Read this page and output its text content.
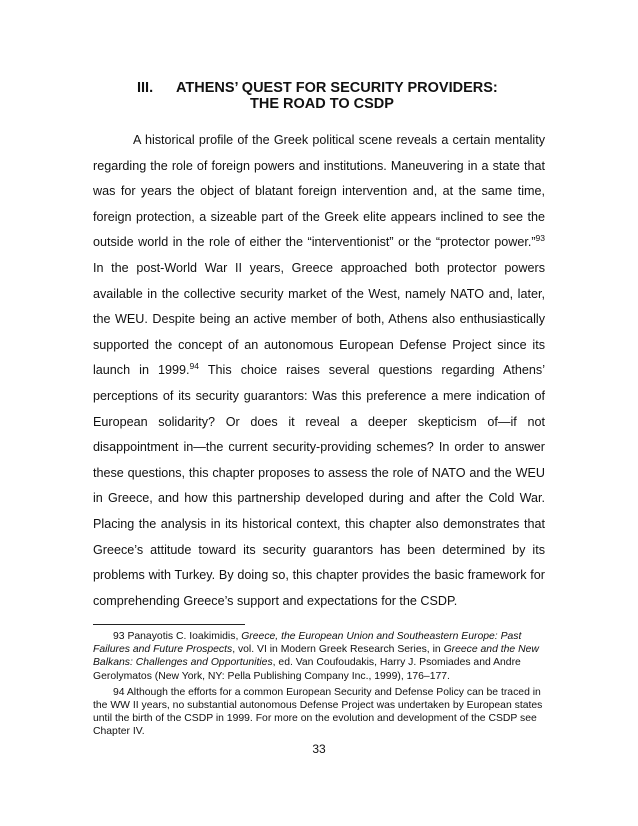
III. ATHENS’ QUEST FOR SECURITY PROVIDERS:
THE ROAD TO CSDP

A historical profile of the Greek political scene reveals a certain mentality regarding the role of foreign powers and institutions. Maneuvering in a state that was for years the object of blatant foreign intervention and, at the same time, foreign protection, a sizeable part of the Greek elite appears inclined to see the outside world in the role of either the “interventionist” or the “protector power.”$^{93}$ In the post-World War II years, Greece approached both protector powers available in the collective security market of the West, namely NATO and, later, the WEU. Despite being an active member of both, Athens also enthusiastically supported the concept of an autonomous European Defense Project since its launch in 1999.94 This choice raises several questions regarding Athens’ perceptions of its security guarantors: Was this preference a mere indication of European solidarity? Or does it reveal a deeper skepticism of—if not disappointment in—the current security-providing schemes? In order to answer these questions, this chapter proposes to assess the role of NATO and the WEU in Greece, and how this partnership developed during and after the Cold War. Placing the analysis in its historical context, this chapter also demonstrates that Greece’s attitude toward its security guarantors has been determined by its problems with Turkey. By doing so, this chapter provides the basic framework for comprehending Greece’s support and expectations for the CSDP.

93 Panayotis C. Ioakimidis, Greece, the European Union and Southeastern Europe: Past Failures and Future Prospects, vol. VI in Modern Greek Research Series, in Greece and the New Balkans: Challenges and Opportunities, ed. Van Coufoudakis, Harry J. Psomiades and Andre Gerolymatos (New York, NY: Pella Publishing Company Inc., 1999), 176–177.

94 Although the efforts for a common European Security and Defense Policy can be traced in the WW II years, no substantial autonomous Defense Project was undertaken by European states until the birth of the CSDP in 1999. For more on the evolution and development of the CSDP see Chapter IV.

33
